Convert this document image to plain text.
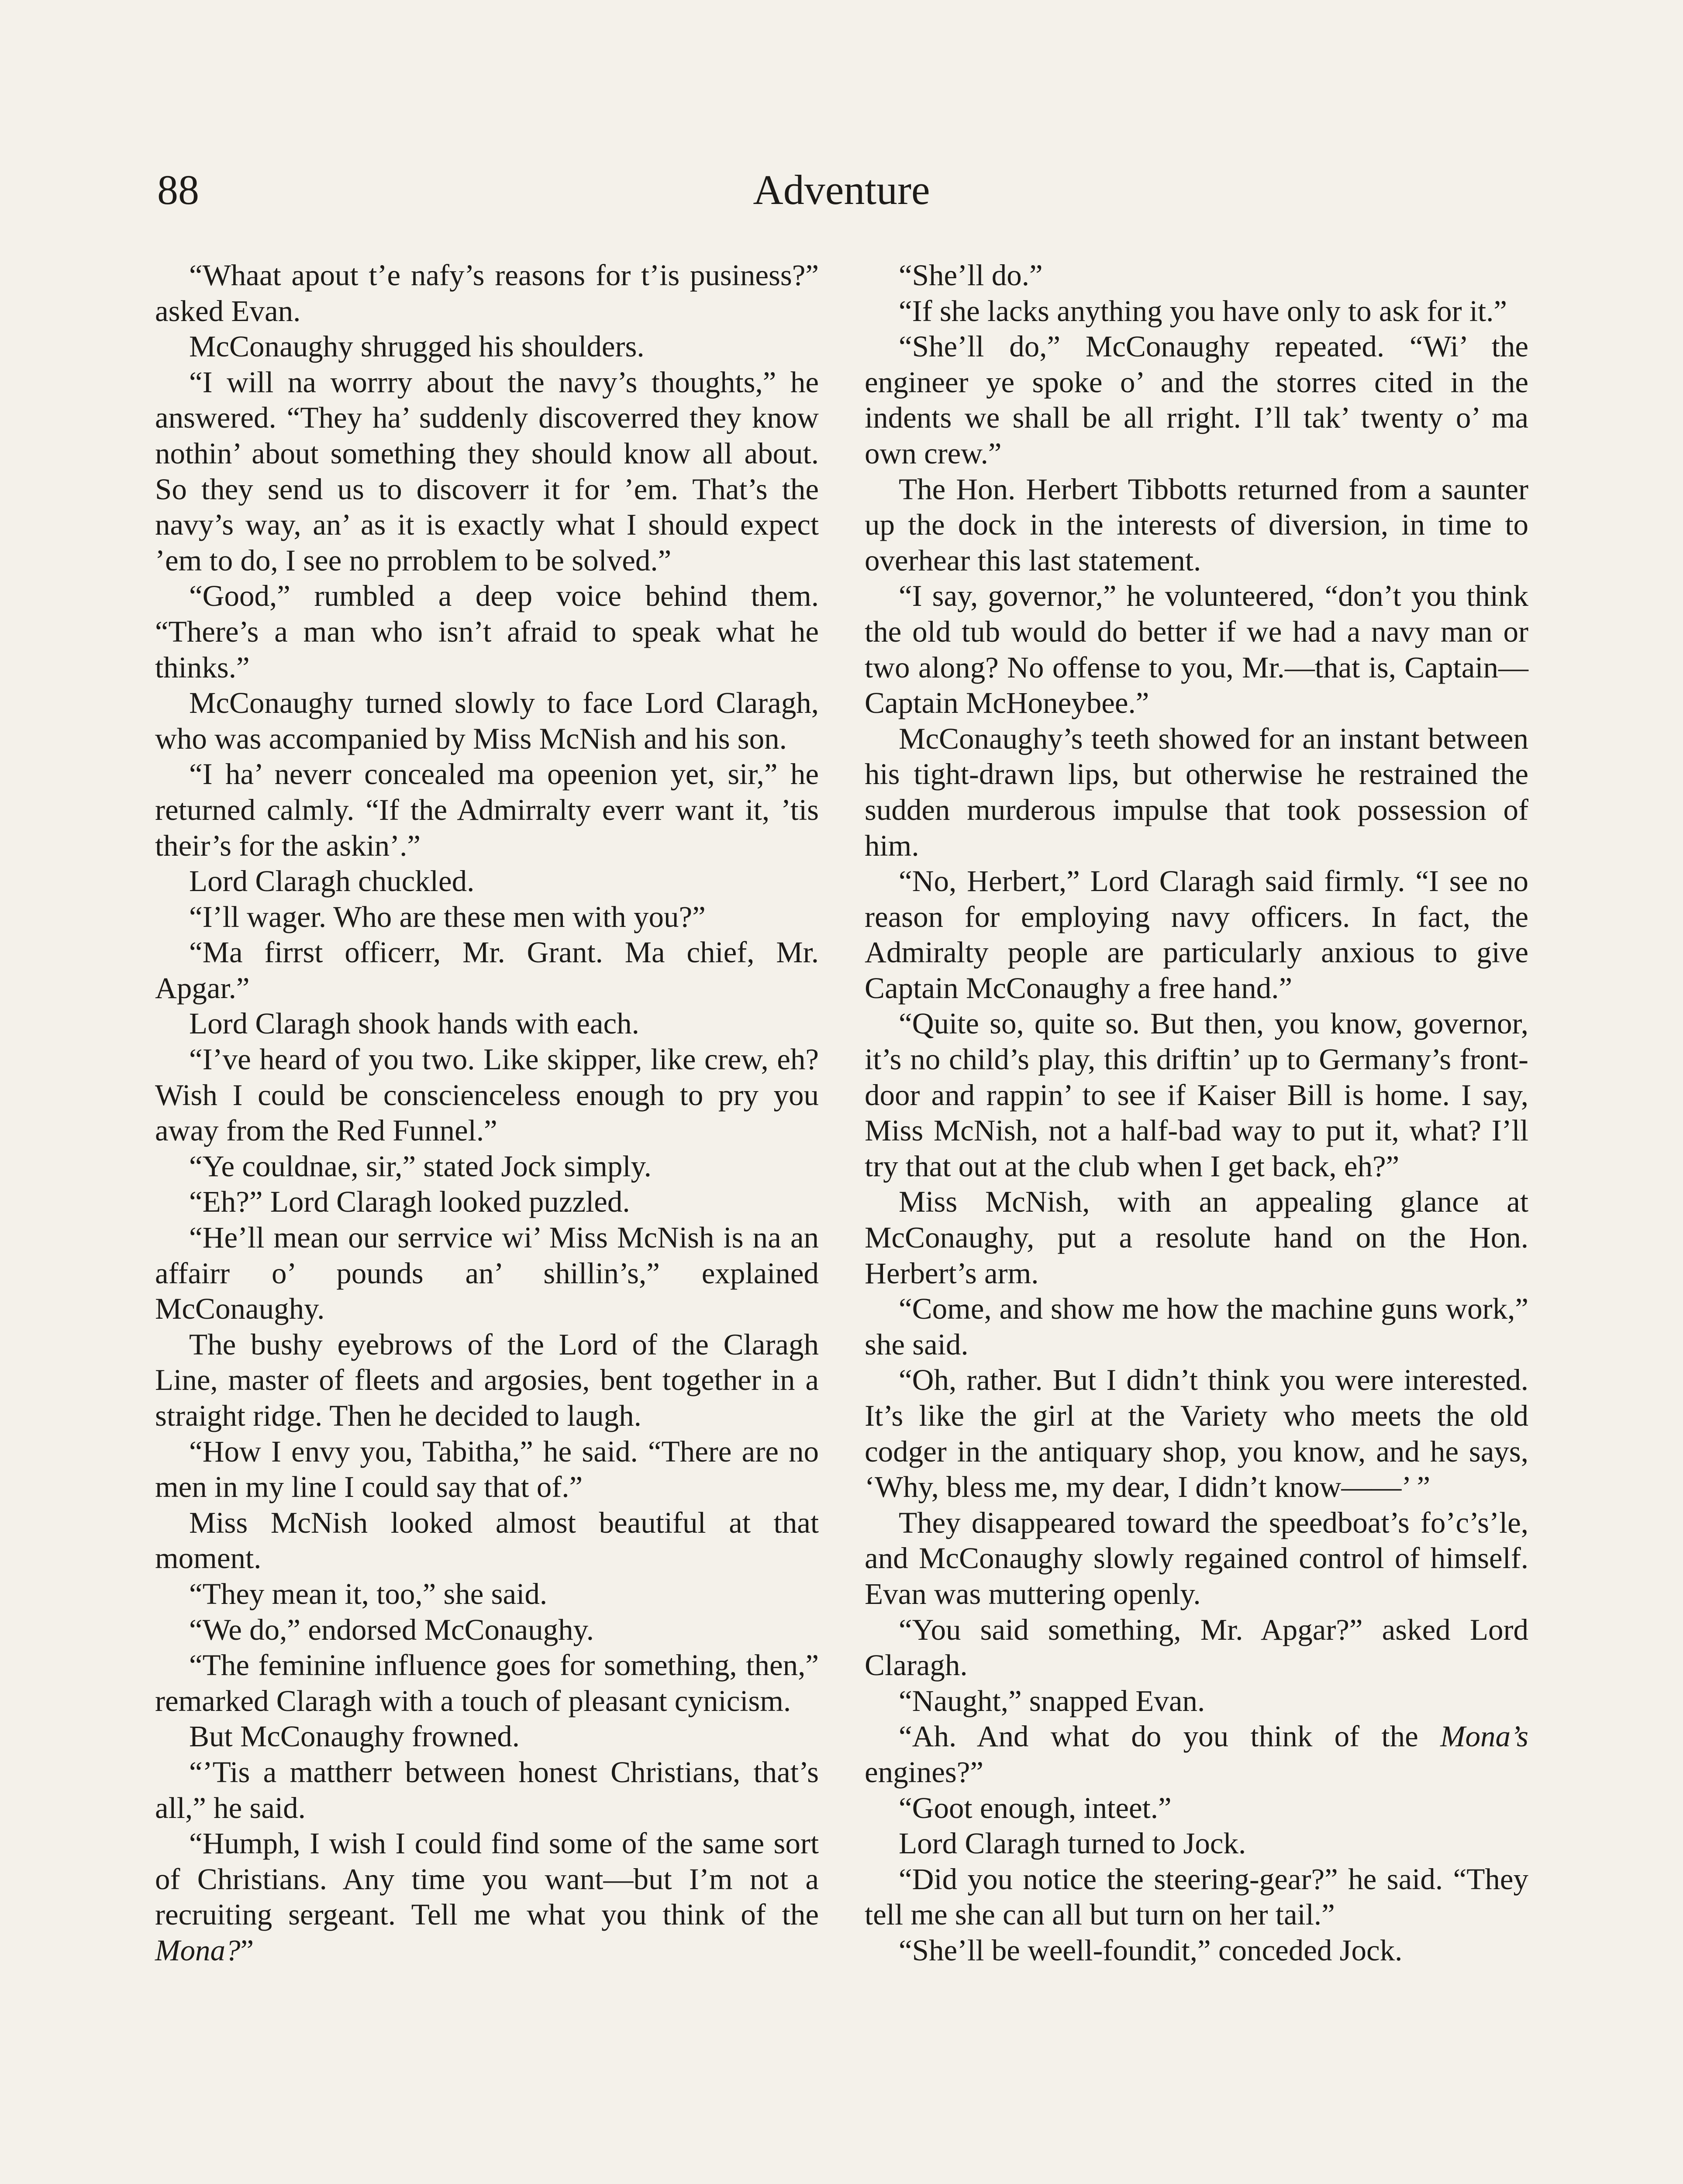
88	Adventure

“Whaat apout t’e nafy’s reasons for t’is pusiness?” asked Evan.

McConaughy shrugged his shoulders.

“I will na worrry about the navy’s thoughts,” he answered. “They ha’ suddenly discoverred they know nothin’ about something they should know all about. So they send us to discoverr it for ’em. That’s the navy’s way, an’ as it is exactly what I should expect ’em to do, I see no prroblem to be solved.”

“Good,” rumbled a deep voice behind them. “There’s a man who isn’t afraid to speak what he thinks.”

McConaughy turned slowly to face Lord Claragh, who was accompanied by Miss McNish and his son.

“I ha’ neverr concealed ma opeenion yet, sir,” he returned calmly. “If the Admirralty everr want it, ’tis their’s for the askin’.”

Lord Claragh chuckled.

“I’ll wager. Who are these men with you?”

“Ma firrst officerr, Mr. Grant. Ma chief, Mr. Apgar.”

Lord Claragh shook hands with each.

“I’ve heard of you two. Like skipper, like crew, eh? Wish I could be conscienceless enough to pry you away from the Red Funnel.”

“Ye couldnae, sir,” stated Jock simply.

“Eh?” Lord Claragh looked puzzled.

“He’ll mean our serrvice wi’ Miss McNish is na an affairr o’ pounds an’ shillin’s,” explained McConaughy.

The bushy eyebrows of the Lord of the Claragh Line, master of fleets and argosies, bent together in a straight ridge. Then he decided to laugh.

“How I envy you, Tabitha,” he said. “There are no men in my line I could say that of.”

Miss McNish looked almost beautiful at that moment.

“They mean it, too,” she said.

“We do,” endorsed McConaughy.

“The feminine influence goes for something, then,” remarked Claragh with a touch of pleasant cynicism.

But McConaughy frowned.

“’Tis a mattherr between honest Christians, that’s all,” he said.

“Humph, I wish I could find some of the same sort of Christians. Any time you want—but I’m not a recruiting sergeant. Tell me what you think of the Mona?”

“She’ll do.”

“If she lacks anything you have only to ask for it.”

“She’ll do,” McConaughy repeated. “Wi’ the engineer ye spoke o’ and the storres cited in the indents we shall be all rright. I’ll tak’ twenty o’ ma own crew.”

The Hon. Herbert Tibbotts returned from a saunter up the dock in the interests of diversion, in time to overhear this last statement.

“I say, governor,” he volunteered, “don’t you think the old tub would do better if we had a navy man or two along? No offense to you, Mr.—that is, Captain—Captain McHoneybee.”

McConaughy’s teeth showed for an instant between his tight-drawn lips, but otherwise he restrained the sudden murderous impulse that took possession of him.

“No, Herbert,” Lord Claragh said firmly. “I see no reason for employing navy officers. In fact, the Admiralty people are particularly anxious to give Captain McConaughy a free hand.”

“Quite so, quite so. But then, you know, governor, it’s no child’s play, this driftin’ up to Germany’s front-door and rappin’ to see if Kaiser Bill is home. I say, Miss McNish, not a half-bad way to put it, what? I’ll try that out at the club when I get back, eh?”

Miss McNish, with an appealing glance at McConaughy, put a resolute hand on the Hon. Herbert’s arm.

“Come, and show me how the machine guns work,” she said.

“Oh, rather. But I didn’t think you were interested. It’s like the girl at the Variety who meets the old codger in the antiquary shop, you know, and he says, ‘Why, bless me, my dear, I didn’t know——’ ”

They disappeared toward the speedboat’s fo’c’s’le, and McConaughy slowly regained control of himself. Evan was muttering openly.

“You said something, Mr. Apgar?” asked Lord Claragh.

“Naught,” snapped Evan.

“Ah. And what do you think of the Mona’s engines?”

“Goot enough, inteet.”

Lord Claragh turned to Jock.

“Did you notice the steering-gear?” he said. “They tell me she can all but turn on her tail.”

“She’ll be weell-foundit,” conceded Jock.
